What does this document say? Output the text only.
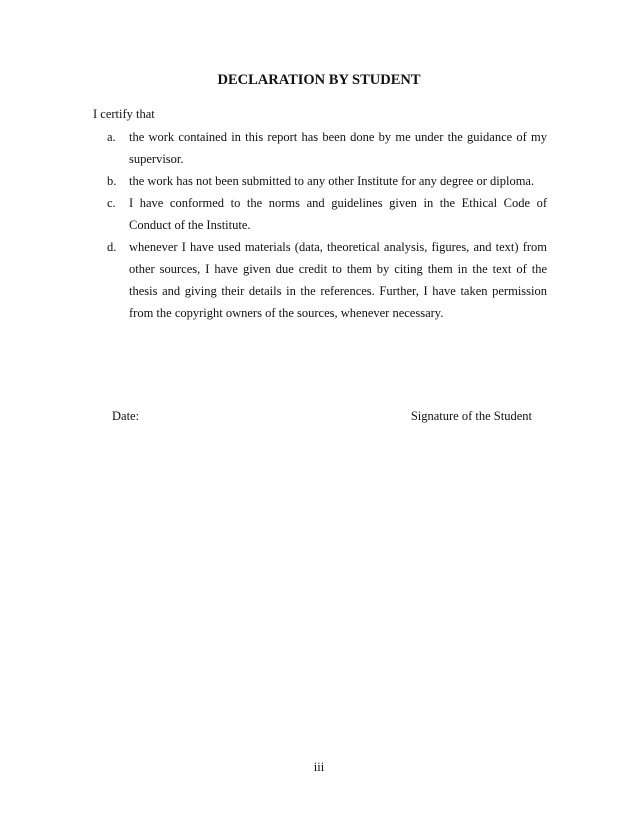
DECLARATION BY STUDENT

I certify that

a.	the work contained in this report has been done by me under the guidance of my supervisor.
b.	the work has not been submitted to any other Institute for any degree or diploma.
c.	I have conformed to the norms and guidelines given in the Ethical Code of Conduct of the Institute.
d.	whenever I have used materials (data, theoretical analysis, figures, and text) from other sources, I have given due credit to them by citing them in the text of the thesis and giving their details in the references. Further, I have taken permission from the copyright owners of the sources, whenever necessary.

Date:	Signature of the Student

iii
